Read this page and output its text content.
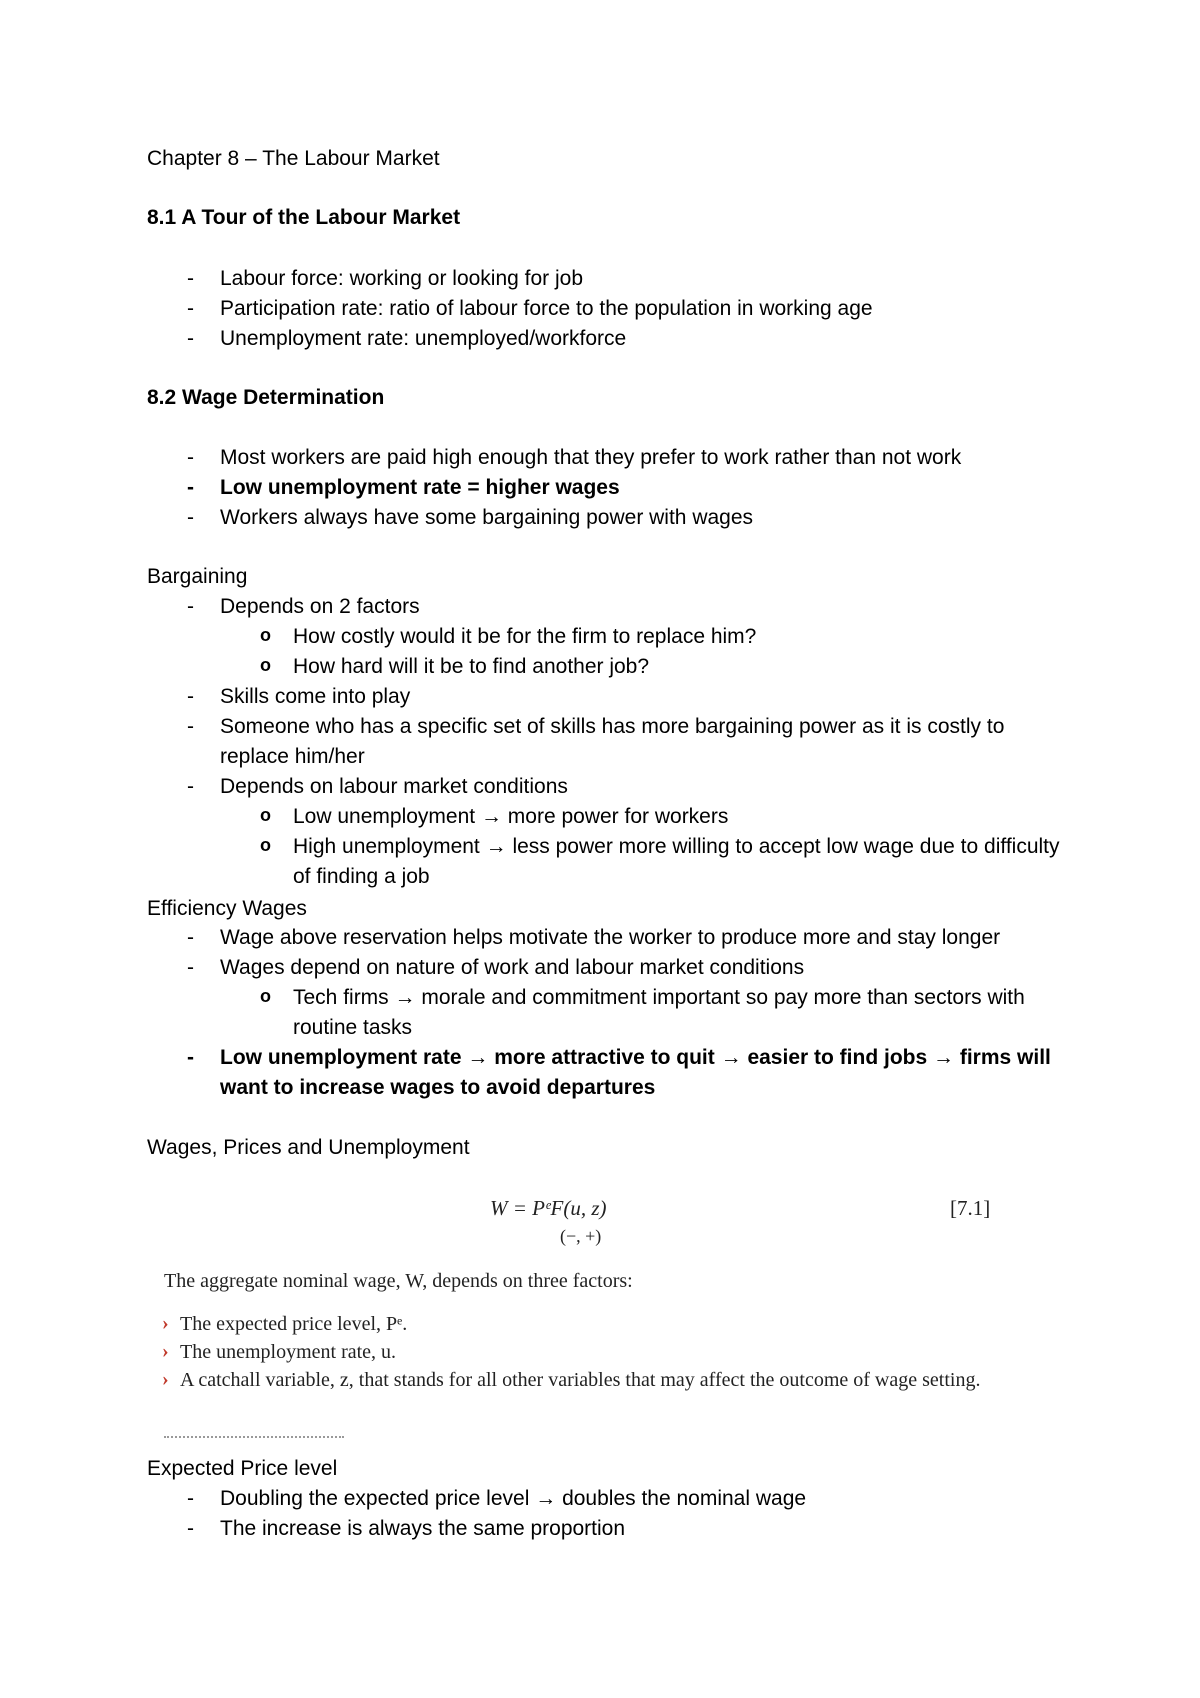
Chapter 8 – The Labour Market
8.1 A Tour of the Labour Market
- Labour force: working or looking for job
- Participation rate: ratio of labour force to the population in working age
- Unemployment rate: unemployed/workforce
8.2 Wage Determination
- Most workers are paid high enough that they prefer to work rather than not work
- Low unemployment rate = higher wages
- Workers always have some bargaining power with wages
Bargaining
- Depends on 2 factors
o How costly would it be for the firm to replace him?
o How hard will it be to find another job?
- Skills come into play
- Someone who has a specific set of skills has more bargaining power as it is costly to replace him/her
- Depends on labour market conditions
o Low unemployment → more power for workers
o High unemployment → less power more willing to accept low wage due to difficulty of finding a job
Efficiency Wages
- Wage above reservation helps motivate the worker to produce more and stay longer
- Wages depend on nature of work and labour market conditions
o Tech firms → morale and commitment important so pay more than sectors with routine tasks
- Low unemployment rate → more attractive to quit → easier to find jobs → firms will want to increase wages to avoid departures
Wages, Prices and Unemployment
W = PᵉF(u, z)
(−, +)
[7.1]
The aggregate nominal wage, W, depends on three factors:
› The expected price level, Pᵉ.
› The unemployment rate, u.
› A catchall variable, z, that stands for all other variables that may affect the outcome of wage setting.
Expected Price level
- Doubling the expected price level → doubles the nominal wage
- The increase is always the same proportion
